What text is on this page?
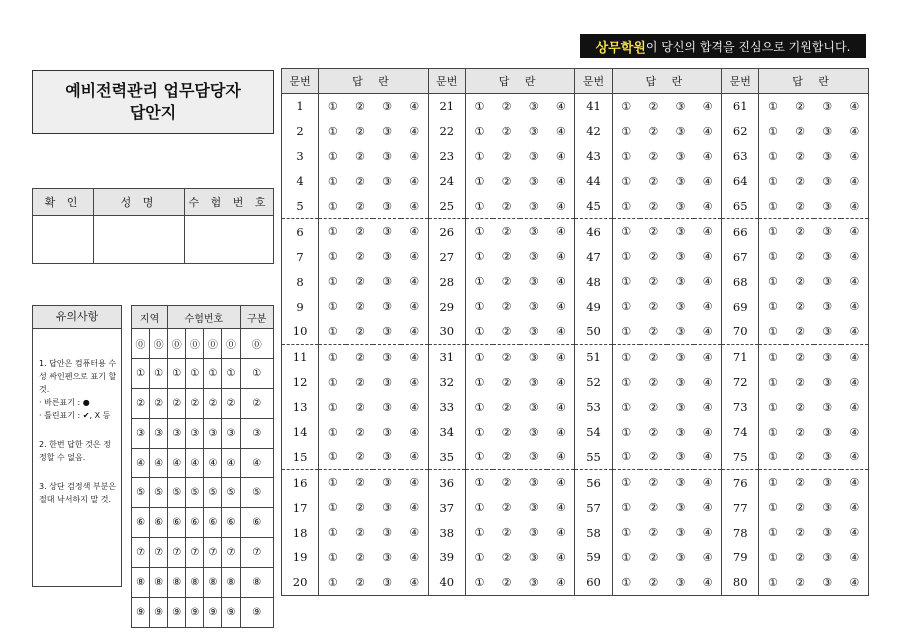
상무학원 이 당신의 합격을 진심으로 기원합니다.
예비전력관리 업무담당자
답안지
확 인	성 명	수 험 번 호

유의사항

1. 답안은 컴퓨터용 수성 싸인펜으로 표기 할 것.

· 바른표기 : ●

· 틀린표기 : ✔, X 등

2. 한번 답한 것은 정정할 수 없음.

3. 상단 검정색 부분은 절대 낙서하지 말 것.

지역		수험번호				구분
⓪	⓪	⓪	⓪	⓪	⓪	⓪
①	①	①	①	①	①	①
②	②	②	②	②	②	②
③	③	③	③	③	③	③
④	④	④	④	④	④	④
⑤	⑤	⑤	⑤	⑤	⑤	⑤
⑥	⑥	⑥	⑥	⑥	⑥	⑥
⑦	⑦	⑦	⑦	⑦	⑦	⑦
⑧	⑧	⑧	⑧	⑧	⑧	⑧
⑨	⑨	⑨	⑨	⑨	⑨	⑨
문번	답 란				문번	답 란				문번	답 란				문번	답 란			
1	①	②	③	④	21	①	②	③	④	41	①	②	③	④	61	①	②	③	④
2	①	②	③	④	22	①	②	③	④	42	①	②	③	④	62	①	②	③	④
3	①	②	③	④	23	①	②	③	④	43	①	②	③	④	63	①	②	③	④
4	①	②	③	④	24	①	②	③	④	44	①	②	③	④	64	①	②	③	④
5	①	②	③	④	25	①	②	③	④	45	①	②	③	④	65	①	②	③	④
6	①	②	③	④	26	①	②	③	④	46	①	②	③	④	66	①	②	③	④
7	①	②	③	④	27	①	②	③	④	47	①	②	③	④	67	①	②	③	④
8	①	②	③	④	28	①	②	③	④	48	①	②	③	④	68	①	②	③	④
9	①	②	③	④	29	①	②	③	④	49	①	②	③	④	69	①	②	③	④
10	①	②	③	④	30	①	②	③	④	50	①	②	③	④	70	①	②	③	④
11	①	②	③	④	31	①	②	③	④	51	①	②	③	④	71	①	②	③	④
12	①	②	③	④	32	①	②	③	④	52	①	②	③	④	72	①	②	③	④
13	①	②	③	④	33	①	②	③	④	53	①	②	③	④	73	①	②	③	④
14	①	②	③	④	34	①	②	③	④	54	①	②	③	④	74	①	②	③	④
15	①	②	③	④	35	①	②	③	④	55	①	②	③	④	75	①	②	③	④
16	①	②	③	④	36	①	②	③	④	56	①	②	③	④	76	①	②	③	④
17	①	②	③	④	37	①	②	③	④	57	①	②	③	④	77	①	②	③	④
18	①	②	③	④	38	①	②	③	④	58	①	②	③	④	78	①	②	③	④
19	①	②	③	④	39	①	②	③	④	59	①	②	③	④	79	①	②	③	④
20	①	②	③	④	40	①	②	③	④	60	①	②	③	④	80	①	②	③	④
